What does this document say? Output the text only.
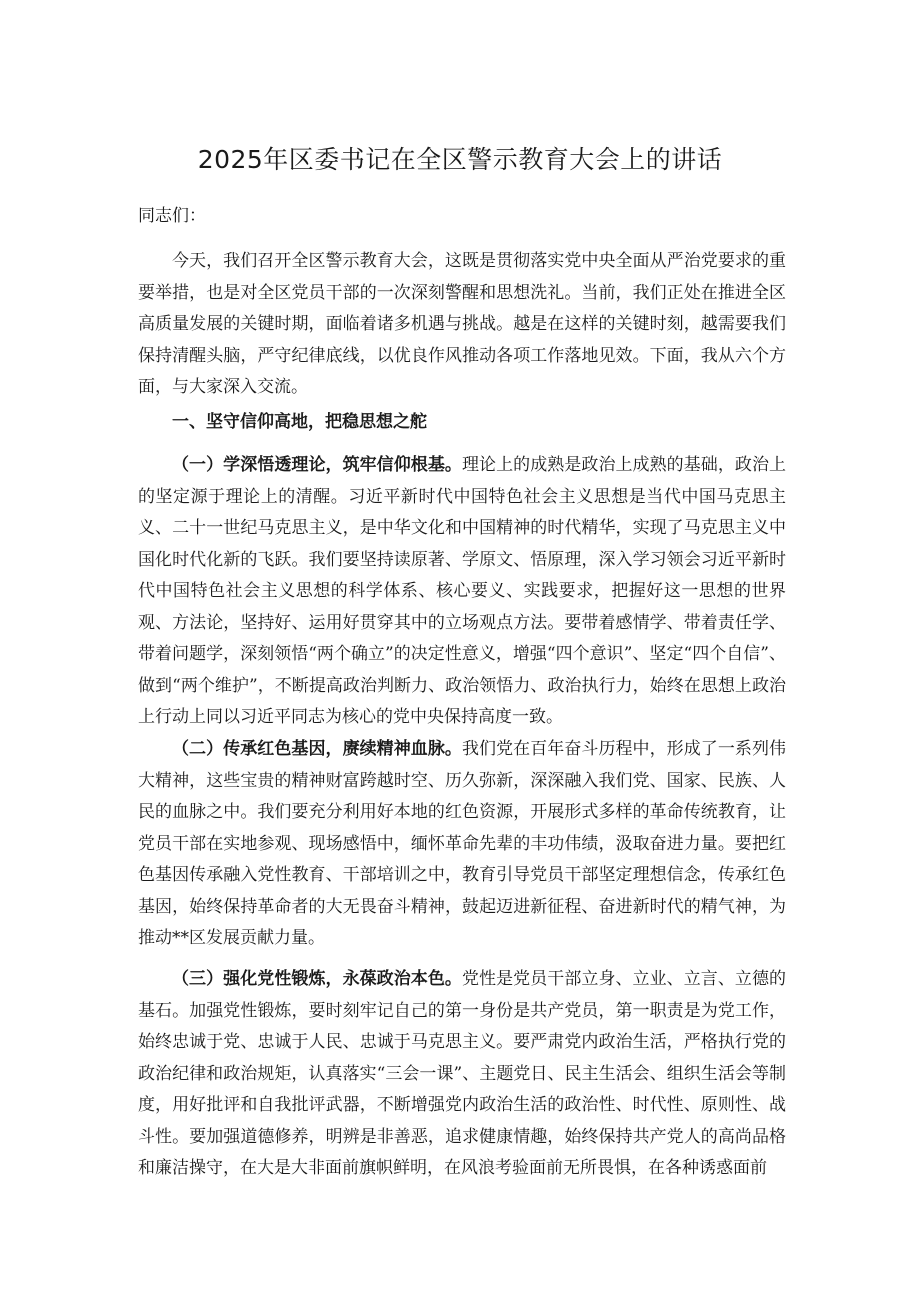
2025年区委书记在全区警示教育大会上的讲话

同志们：

今天，我们召开全区警示教育大会，这既是贯彻落实党中央全面从严治党要求的重要举措，也是对全区党员干部的一次深刻警醒和思想洗礼。当前，我们正处在推进全区高质量发展的关键时期，面临着诸多机遇与挑战。越是在这样的关键时刻，越需要我们保持清醒头脑，严守纪律底线，以优良作风推动各项工作落地见效。下面，我从六个方面，与大家深入交流。

一、坚守信仰高地，把稳思想之舵

（一）学深悟透理论，筑牢信仰根基。理论上的成熟是政治上成熟的基础，政治上的坚定源于理论上的清醒。习近平新时代中国特色社会主义思想是当代中国马克思主义、二十一世纪马克思主义，是中华文化和中国精神的时代精华，实现了马克思主义中国化时代化新的飞跃。我们要坚持读原著、学原文、悟原理，深入学习领会习近平新时代中国特色社会主义思想的科学体系、核心要义、实践要求，把握好这一思想的世界观、方法论，坚持好、运用好贯穿其中的立场观点方法。要带着感情学、带着责任学、带着问题学，深刻领悟“两个确立”的决定性意义，增强“四个意识”、坚定“四个自信”、做到“两个维护”，不断提高政治判断力、政治领悟力、政治执行力，始终在思想上政治上行动上同以习近平同志为核心的党中央保持高度一致。

（二）传承红色基因，赓续精神血脉。我们党在百年奋斗历程中，形成了一系列伟大精神，这些宝贵的精神财富跨越时空、历久弥新，深深融入我们党、国家、民族、人民的血脉之中。我们要充分利用好本地的红色资源，开展形式多样的革命传统教育，让党员干部在实地参观、现场感悟中，缅怀革命先辈的丰功伟绩，汲取奋进力量。要把红色基因传承融入党性教育、干部培训之中，教育引导党员干部坚定理想信念，传承红色基因，始终保持革命者的大无畏奋斗精神，鼓起迈进新征程、奋进新时代的精气神，为推动**区发展贡献力量。

（三）强化党性锻炼，永葆政治本色。党性是党员干部立身、立业、立言、立德的基石。加强党性锻炼，要时刻牢记自己的第一身份是共产党员，第一职责是为党工作，始终忠诚于党、忠诚于人民、忠诚于马克思主义。要严肃党内政治生活，严格执行党的政治纪律和政治规矩，认真落实“三会一课”、主题党日、民主生活会、组织生活会等制度，用好批评和自我批评武器，不断增强党内政治生活的政治性、时代性、原则性、战斗性。要加强道德修养，明辨是非善恶，追求健康情趣，始终保持共产党人的高尚品格和廉洁操守，在大是大非面前旗帜鲜明，在风浪考验面前无所畏惧，在各种诱惑面前
